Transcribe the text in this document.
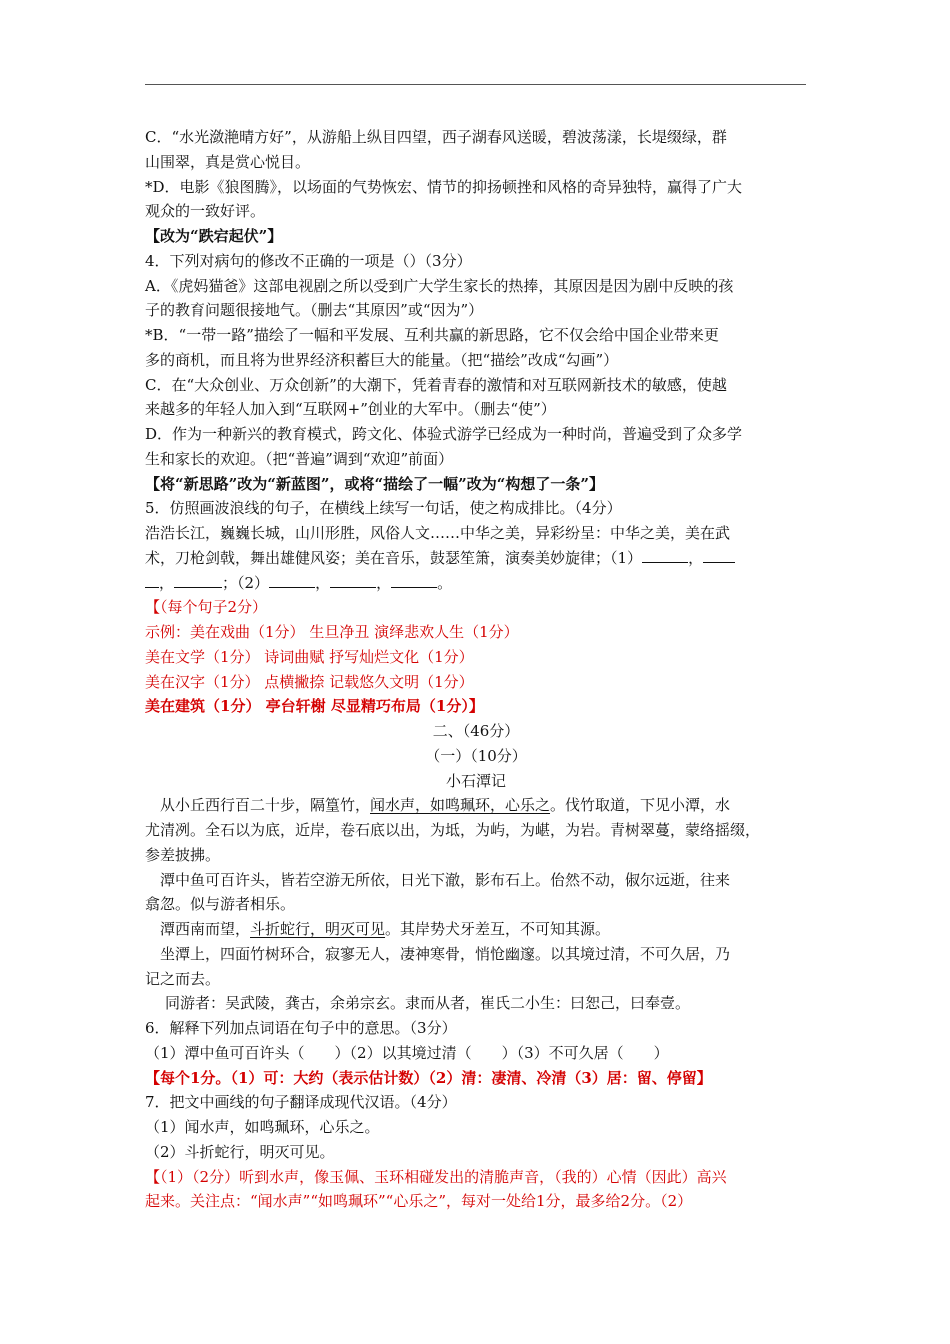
C．“水光潋滟晴方好”，从游船上纵目四望，西子湖春风送暖，碧波荡漾，长堤缀绿，群

山围翠，真是赏心悦目。

*D．电影《狼图腾》，以场面的气势恢宏、情节的抑扬顿挫和风格的奇异独特，赢得了广大

观众的一致好评。

【改为“跌宕起伏”】

4．下列对病句的修改不正确的一项是（）（3分）

A．《虎妈猫爸》这部电视剧之所以受到广大学生家长的热捧，其原因是因为剧中反映的孩

子的教育问题很接地气。（删去“其原因”或“因为”）

*B．“一带一路”描绘了一幅和平发展、互利共赢的新思路，它不仅会给中国企业带来更

多的商机，而且将为世界经济积蓄巨大的能量。（把“描绘”改成“勾画”）

C．在“大众创业、万众创新”的大潮下，凭着青春的激情和对互联网新技术的敏感，使越

来越多的年轻人加入到“互联网+”创业的大军中。（删去“使”）

D．作为一种新兴的教育模式，跨文化、体验式游学已经成为一种时尚，普遍受到了众多学

生和家长的欢迎。（把“普遍”调到“欢迎”前面）

【将“新思路”改为“新蓝图”，或将“描绘了一幅”改为“构想了一条”】

5．仿照画波浪线的句子，在横线上续写一句话，使之构成排比。（4分）

浩浩长江，巍巍长城，山川形胜，风俗人文……中华之美，异彩纷呈：中华之美，美在武

术，刀枪剑戟，舞出雄健风姿；美在音乐，鼓瑟笙箫，演奏美妙旋律；（1）	，

，	；（2）	，	，	。

【（每个句子2分）

示例：美在戏曲（1分） 生旦净丑 演绎悲欢人生（1分）

美在文学（1分） 诗词曲赋 抒写灿烂文化（1分）

美在汉字（1分） 点横撇捺 记载悠久文明（1分）

美在建筑（1分） 亭台轩榭 尽显精巧布局（1分）】

二、（46分）

（一）（10分）

小石潭记

从小丘西行百二十步，隔篁竹，闻水声，如鸣珮环，心乐之。伐竹取道，下见小潭，水

尤清冽。全石以为底，近岸，卷石底以出，为坻，为屿，为嵁，为岩。青树翠蔓，蒙络摇缀，

参差披拂。

潭中鱼可百许头，皆若空游无所依，日光下澈，影布石上。佁然不动，俶尔远逝，往来

翕忽。似与游者相乐。

潭西南而望，斗折蛇行，明灭可见。其岸势犬牙差互，不可知其源。

坐潭上，四面竹树环合，寂寥无人，凄神寒骨，悄怆幽邃。以其境过清，不可久居，乃

记之而去。

同游者：吴武陵，龚古，余弟宗玄。隶而从者，崔氏二小生：曰恕己，曰奉壹。

6．解释下列加点词语在句子中的意思。（3分）

（1）潭中鱼可百许头（　　）（2）以其境过清（　　）（3）不可久居（　　）

【每个1分。（1）可：大约（表示估计数）（2）清：凄清、冷清（3）居：留、停留】

7．把文中画线的句子翻译成现代汉语。（4分）

（1）闻水声，如鸣珮环，心乐之。

（2）斗折蛇行，明灭可见。

【（1）（2分）听到水声，像玉佩、玉环相碰发出的清脆声音，（我的）心情（因此）高兴

起来。关注点：“闻水声”“如鸣珮环”“心乐之”，每对一处给1分，最多给2分。（2）
